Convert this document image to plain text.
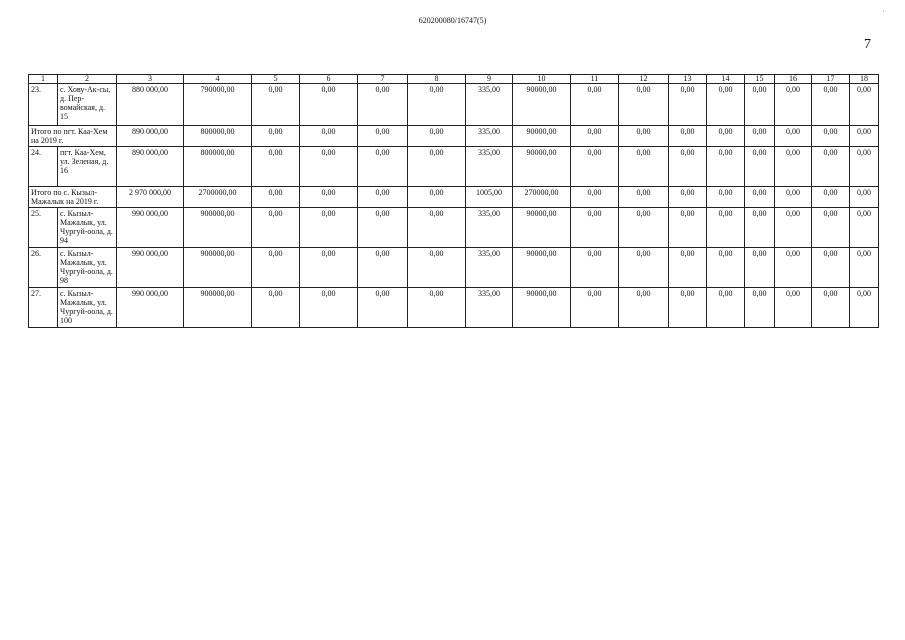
620200080/16747(5)
7
·
1	2	3	4	5	6	7	8	9	10	11	12	13	14	15	16	17	18
23.	с. Хову-Ак-сы, д. Пер-вомайская, д. 15	880 000,00	790000,00	0,00	0,00	0,00	0,00	335,00	90000,00	0,00	0,00	0,00	0,00	0,00	0,00	0,00	0,00
Итого по пгт. Каа-Хем на 2019 г.		890 000,00	800000,00	0,00	0,00	0,00	0,00	335,00	90000,00	0,00	0,00	0,00	0,00	0,00	0,00	0,00	0,00
24.	пгт. Каа-Хем, ул. Зеленая, д. 16	890 000,00	800000,00	0,00	0,00	0,00	0,00	335,00	90000,00	0,00	0,00	0,00	0,00	0,00	0,00	0,00	0,00
Итого по с. Кызыл-Мажалык на 2019 г.		2 970 000,00	2700000,00	0,00	0,00	0,00	0,00	1005,00	270000,00	0,00	0,00	0,00	0,00	0,00	0,00	0,00	0,00
25.	с. Кызыл-Мажалык, ул. Чургуй-оола, д. 94	990 000,00	900000,00	0,00	0,00	0,00	0,00	335,00	90000,00	0,00	0,00	0,00	0,00	0,00	0,00	0,00	0,00
26.	с. Кызыл-Мажалык, ул. Чургуй-оола, д. 98	990 000,00	900000,00	0,00	0,00	0,00	0,00	335,00	90000,00	0,00	0,00	0,00	0,00	0,00	0,00	0,00	0,00
27.	с. Кызыл-Мажалык, ул. Чургуй-оола, д. 100	990 000,00	900000,00	0,00	0,00	0,00	0,00	335,00	90000,00	0,00	0,00	0,00	0,00	0,00	0,00	0,00	0,00
